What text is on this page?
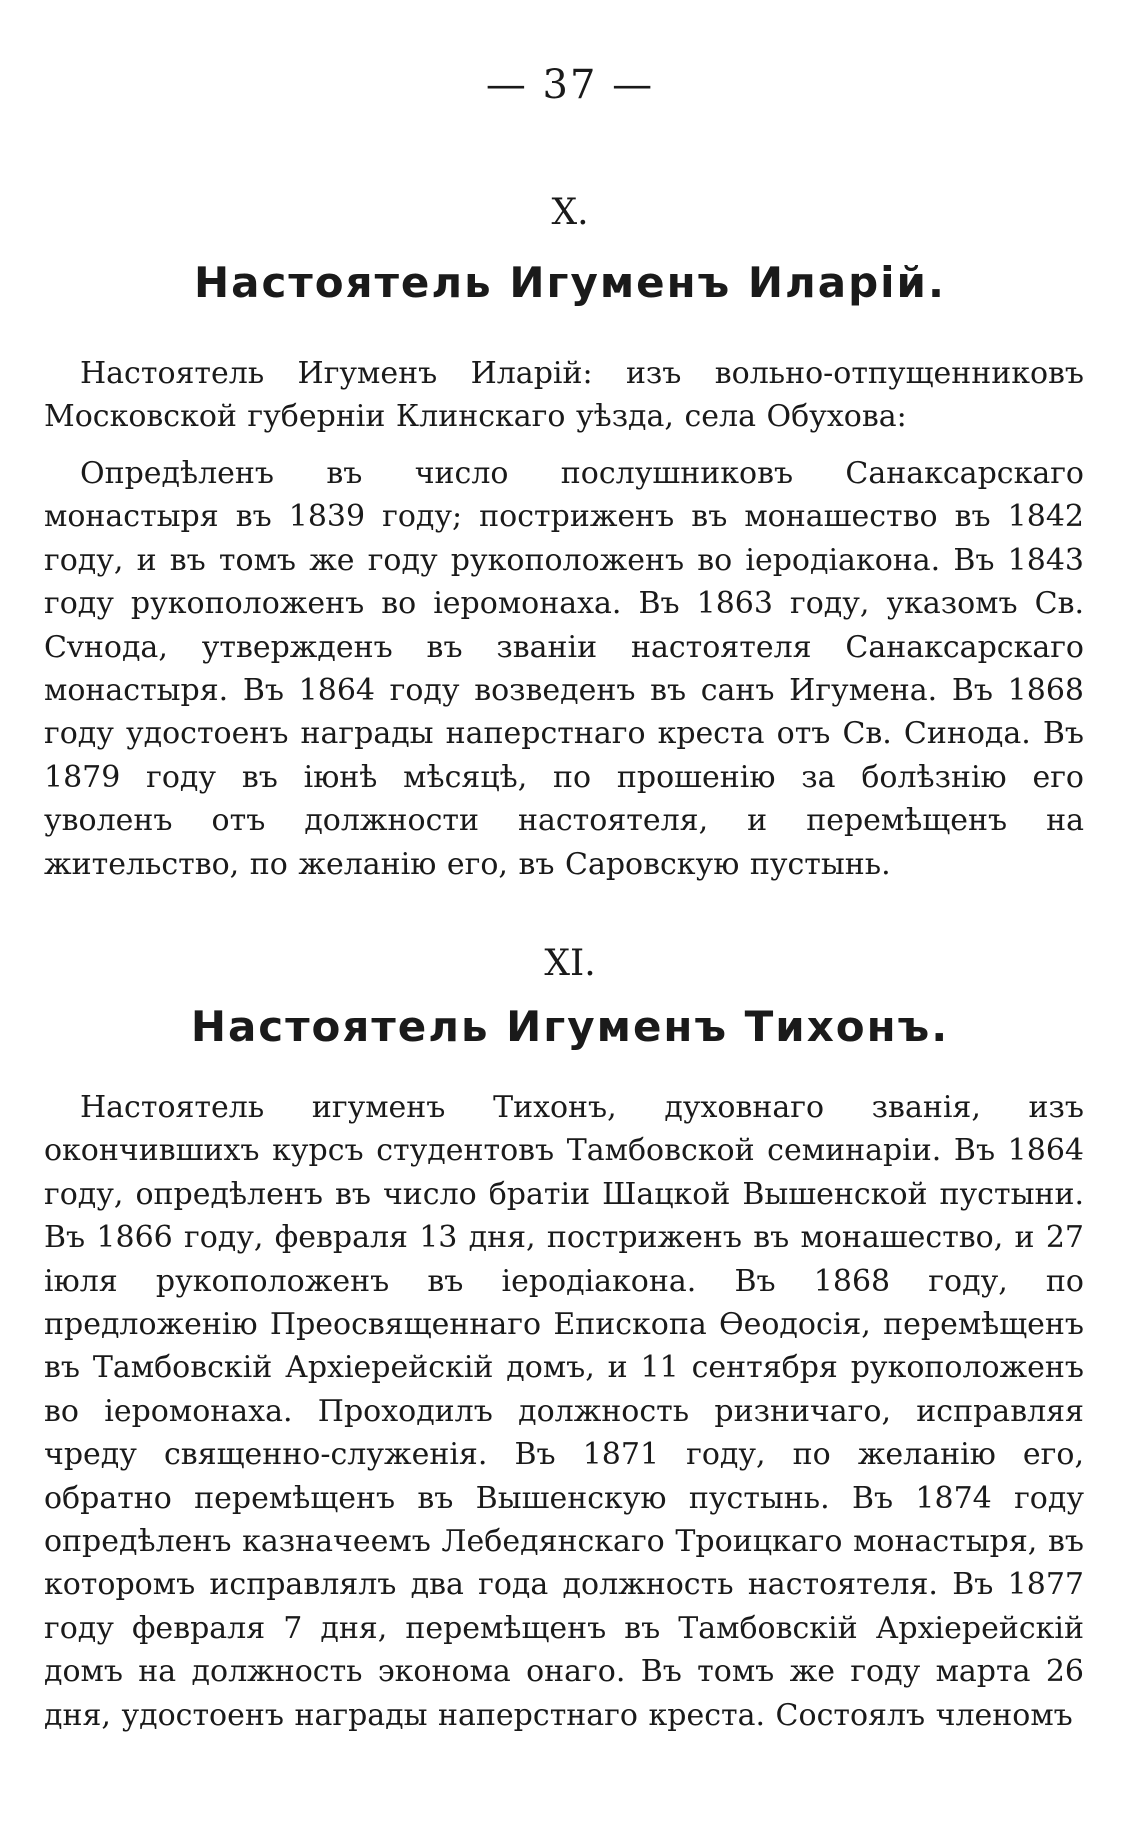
— 37 —
X.
Настоятель Игуменъ Иларій.

Настоятель Игуменъ Иларій: изъ вольно-отпущенниковъ Московской губерніи Клинскаго уѣзда, села Обухова:

Опредѣленъ въ число послушниковъ Санаксарскаго монастыря въ 1839 году; постриженъ въ монашество въ 1842 году, и въ томъ же году рукоположенъ во іеродіакона. Въ 1843 году рукоположенъ во іеромонаха. Въ 1863 году, указомъ Св. Сvнода, утвержденъ въ званіи настоятеля Санаксарскаго монастыря. Въ 1864 году возведенъ въ санъ Игумена. Въ 1868 году удостоенъ награды наперстнаго креста отъ Св. Синода. Въ 1879 году въ іюнѣ мѣсяцѣ, по прошенію за болѣзнію его уволенъ отъ должности настоятеля, и перемѣщенъ на жительство, по желанію его, въ Саровскую пустынь.

XI.
Настоятель Игуменъ Тихонъ.

Настоятель игуменъ Тихонъ, духовнаго званія, изъ окончившихъ курсъ студентовъ Тамбовской семинаріи. Въ 1864 году, опредѣленъ въ число братіи Шацкой Вышенской пустыни. Въ 1866 году, февраля 13 дня, постриженъ въ монашество, и 27 іюля рукоположенъ въ іеродіакона. Въ 1868 году, по предложенію Преосвященнаго Епископа Ѳеодосія, перемѣщенъ въ Тамбовскій Архіерейскій домъ, и 11 сентября рукоположенъ во іеромонаха. Проходилъ должность ризничаго, исправляя чреду священно-служенія. Въ 1871 году, по желанію его, обратно перемѣщенъ въ Вышенскую пустынь. Въ 1874 году опредѣленъ казначеемъ Лебедянскаго Троицкаго монастыря, въ которомъ исправлялъ два года должность настоятеля. Въ 1877 году февраля 7 дня, перемѣщенъ въ Тамбовскій Архіерейскій домъ на должность эконома онаго. Въ томъ же году марта 26 дня, удостоенъ награды наперстнаго креста. Состоялъ членомъ
